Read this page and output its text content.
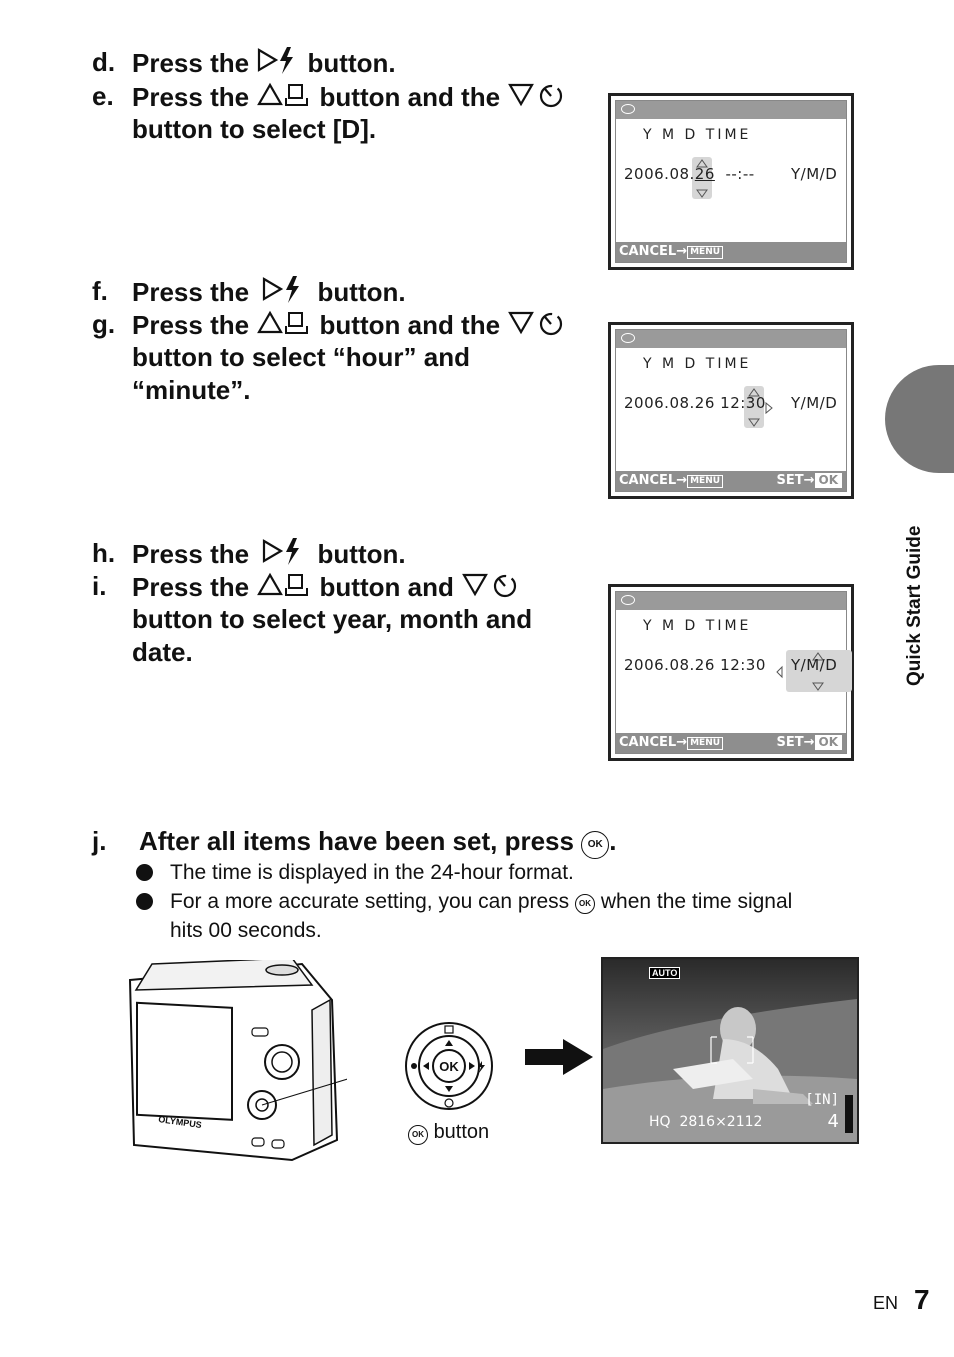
d. Press the button.
e. Press the	button and the
button to select [D].	Y M D TIME
2006.08.26 --:-- Y/M/D
CANCEL→ MENU
f. Press the	button.
g. Press the	button and the
button to select “hour” and
“minute”.
Y M D TIME
2006.08.26 12:30 Y/M/D
CANCEL→ MENU	SET→ OK
h. Press the	button.
i. Press the	button and
button to select year, month and
date.
Y M D TIME
2006.08.26 12:30 Y/M/D
CANCEL→ MENU	SET→ OK
j. After all items have been set, press OK .
The time is displayed in the 24-hour format.
For a more accurate setting, you can press OK when the time signal
hits 00 seconds.
OLYMPUS
OK
OK button
AUTO
[IN]
HQ  2816×2112	4
Quick Start Guide
EN 7
